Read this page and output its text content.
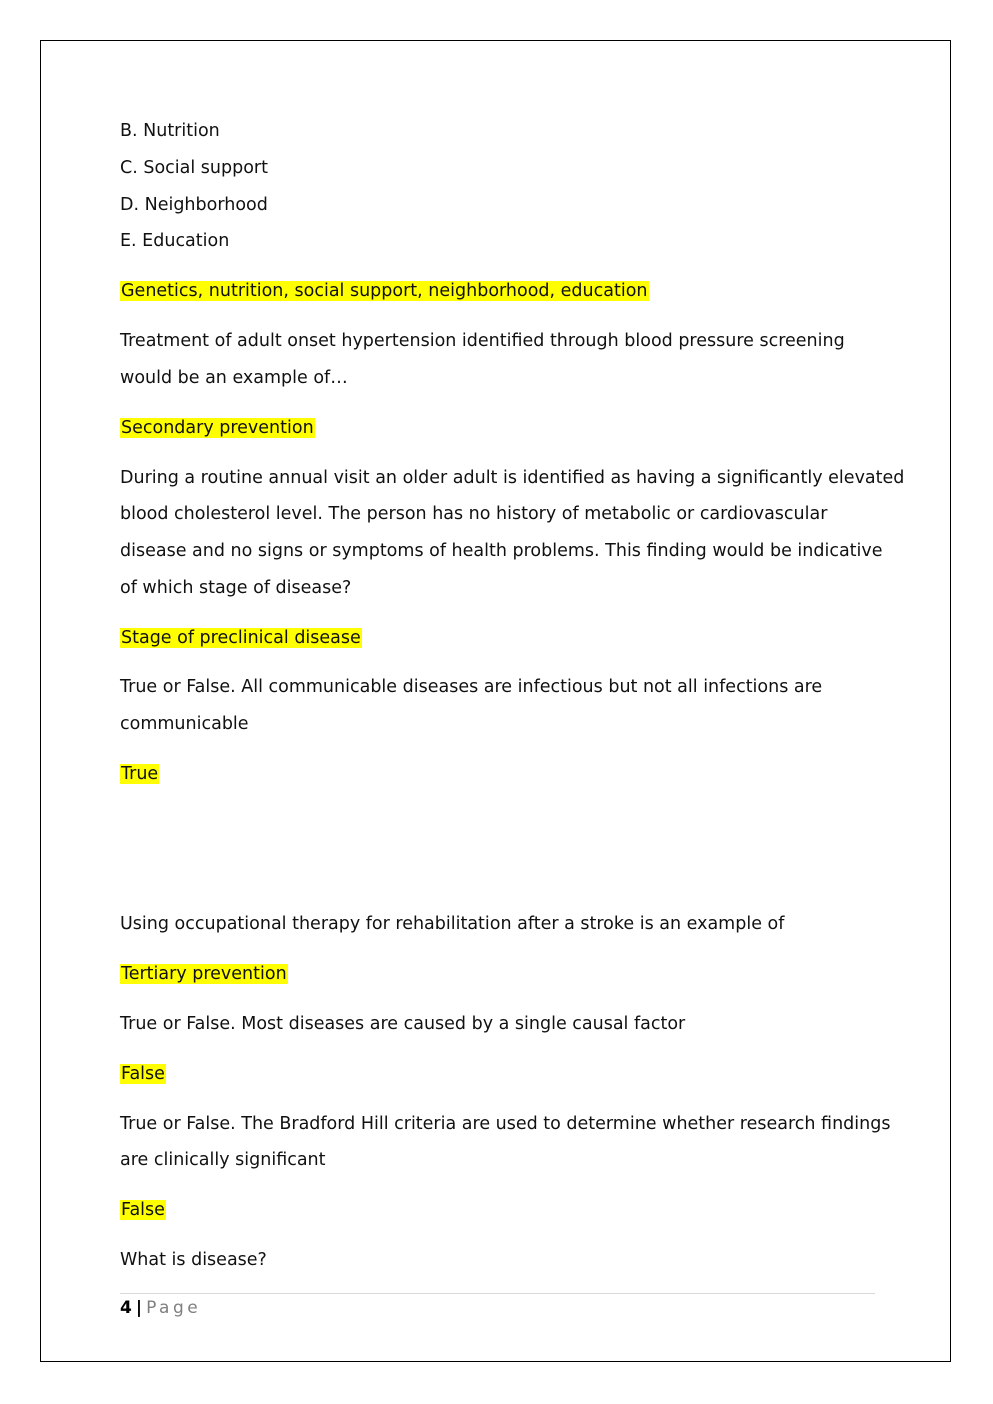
B. Nutrition
C. Social support
D. Neighborhood
E. Education
Genetics, nutrition, social support, neighborhood, education
Treatment of adult onset hypertension identified through blood pressure screening
would be an example of…
Secondary prevention
During a routine annual visit an older adult is identified as having a significantly elevated
blood cholesterol level. The person has no history of metabolic or cardiovascular
disease and no signs or symptoms of health problems. This finding would be indicative
of which stage of disease?
Stage of preclinical disease
True or False. All communicable diseases are infectious but not all infections are
communicable
True
Using occupational therapy for rehabilitation after a stroke is an example of
Tertiary prevention
True or False. Most diseases are caused by a single causal factor
False
True or False. The Bradford Hill criteria are used to determine whether research findings
are clinically significant
False
What is disease?
4 | Page
